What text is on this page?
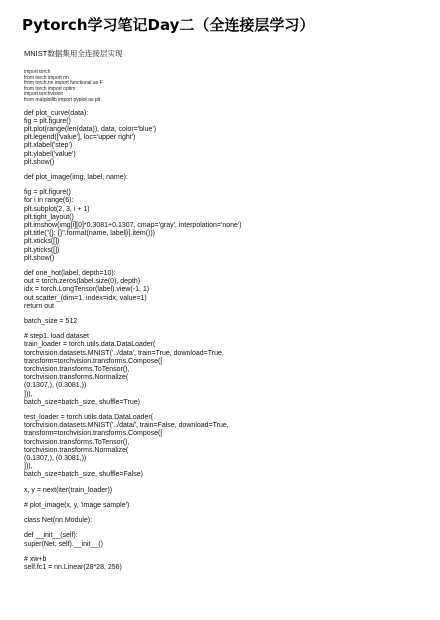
Pytorch学习笔记Day二（全连接层学习）
MNIST数据集用全连接层实现
import torch
from torch import nn
from torch.nn import functional as F
from torch import optim
import torchvision
from matplotlib import pyplot as plt
def plot_curve(data):
fig = plt.figure()
plt.plot(range(len(data)), data, color='blue')
plt.legend(['value'], loc='upper right')
plt.xlabel('step')
plt.ylabel('value')
plt.show()
def plot_image(img, label, name):
fig = plt.figure()
for i in range(6):
plt.subplot(2, 3, i + 1)
plt.tight_layout()
plt.imshow(img[i][0]*0.3081+0.1307, cmap='gray', interpolation='none')
plt.title("{}: {}".format(name, label[i].item()))
plt.xticks([])
plt.yticks([])
plt.show()
def one_hot(label, depth=10):
out = torch.zeros(label.size(0), depth)
idx = torch.LongTensor(label).view(-1, 1)
out.scatter_(dim=1, index=idx, value=1)
return out
batch_size = 512
# step1. load dataset
train_loader = torch.utils.data.DataLoader(
torchvision.datasets.MNIST('../data', train=True, download=True,
transform=torchvision.transforms.Compose([
torchvision.transforms.ToTensor(),
torchvision.transforms.Normalize(
(0.1307,), (0.3081,))
])),
batch_size=batch_size, shuffle=True)
test_loader = torch.utils.data.DataLoader(
torchvision.datasets.MNIST('../data/', train=False, download=True,
transform=torchvision.transforms.Compose([
torchvision.transforms.ToTensor(),
torchvision.transforms.Normalize(
(0.1307,), (0.3081,))
])),
batch_size=batch_size, shuffle=False)
x, y = next(iter(train_loader))
# plot_image(x, y, 'image sample')
class Net(nn.Module):
def __init__(self):
super(Net, self).__init__()
# xw+b
self.fc1 = nn.Linear(28*28, 256)
